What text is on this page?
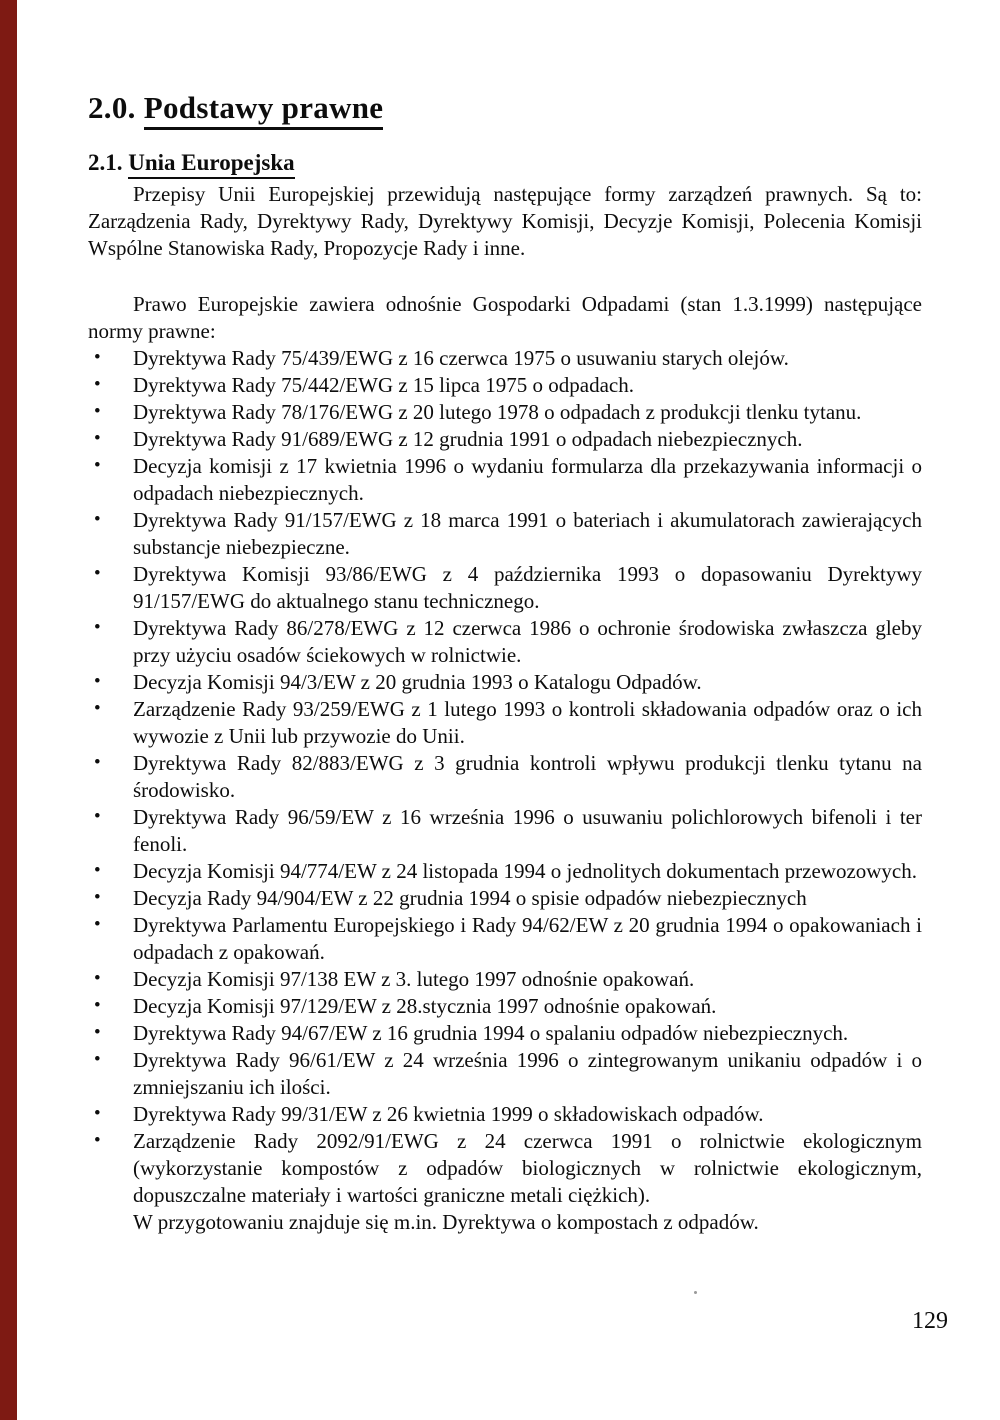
2.0. Podstawy prawne
2.1. Unia Europejska

Przepisy Unii Europejskiej przewidują następujące formy zarządzeń prawnych. Są to: Zarządzenia Rady, Dyrektywy Rady, Dyrektywy Komisji, Decyzje Komisji, Polecenia Komisji Wspólne Stanowiska Rady, Propozycje Rady i inne.

Prawo Europejskie zawiera odnośnie Gospodarki Odpadami (stan 1.3.1999) następujące normy prawne:

• Dyrektywa Rady 75/439/EWG z 16 czerwca 1975 o usuwaniu starych olejów.
• Dyrektywa Rady 75/442/EWG z 15 lipca 1975 o odpadach.
• Dyrektywa Rady 78/176/EWG z 20 lutego 1978 o odpadach z produkcji tlenku tytanu.
• Dyrektywa Rady 91/689/EWG z 12 grudnia 1991 o odpadach niebezpiecznych.
• Decyzja komisji z 17 kwietnia 1996 o wydaniu formularza dla przekazywania informacji o odpadach niebezpiecznych.
• Dyrektywa Rady 91/157/EWG z 18 marca 1991 o bateriach i akumulatorach zawierających substancje niebezpieczne.
• Dyrektywa Komisji 93/86/EWG z 4 października 1993 o dopasowaniu Dyrektywy 91/157/EWG do aktualnego stanu technicznego.
• Dyrektywa Rady 86/278/EWG z 12 czerwca 1986 o ochronie środowiska zwłaszcza gleby przy użyciu osadów ściekowych w rolnictwie.
• Decyzja Komisji 94/3/EW z 20 grudnia 1993 o Katalogu Odpadów.
• Zarządzenie Rady 93/259/EWG z 1 lutego 1993 o kontroli składowania odpadów oraz o ich wywozie z Unii lub przywozie do Unii.
• Dyrektywa Rady 82/883/EWG z 3 grudnia kontroli wpływu produkcji tlenku tytanu na środowisko.
• Dyrektywa Rady 96/59/EW z 16 września 1996 o usuwaniu polichlorowych bifenoli i ter fenoli.
• Decyzja Komisji 94/774/EW z 24 listopada 1994 o jednolitych dokumentach przewozowych.
• Decyzja Rady 94/904/EW z 22 grudnia 1994 o spisie odpadów niebezpiecznych
• Dyrektywa Parlamentu Europejskiego i Rady 94/62/EW z 20 grudnia 1994 o opakowaniach i odpadach z opakowań.
• Decyzja Komisji 97/138 EW z 3. lutego 1997 odnośnie opakowań.
• Decyzja Komisji 97/129/EW z 28.stycznia 1997 odnośnie opakowań.
• Dyrektywa Rady 94/67/EW z 16 grudnia 1994 o spalaniu odpadów niebezpiecznych.
• Dyrektywa Rady 96/61/EW z 24 września 1996 o zintegrowanym unikaniu odpadów i o zmniejszaniu ich ilości.
• Dyrektywa Rady 99/31/EW z 26 kwietnia 1999 o składowiskach odpadów.
• Zarządzenie Rady 2092/91/EWG z 24 czerwca 1991 o rolnictwie ekologicznym (wykorzystanie kompostów z odpadów biologicznych w rolnictwie ekologicznym, dopuszczalne materiały i wartości graniczne metali ciężkich).
W przygotowaniu znajduje się m.in. Dyrektywa o kompostach z odpadów.
129
